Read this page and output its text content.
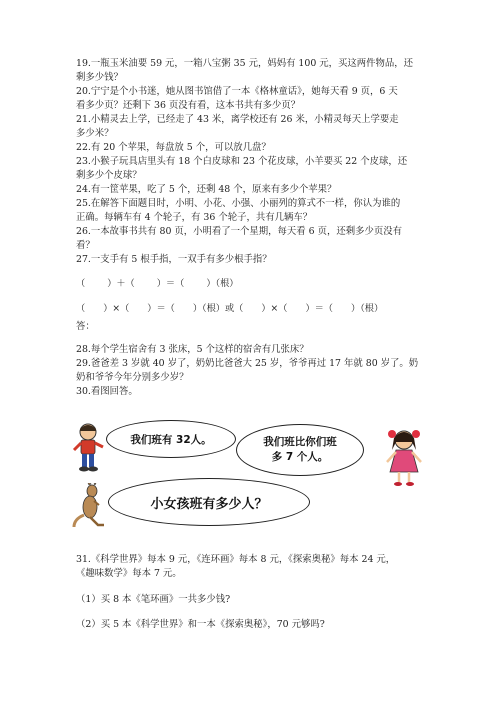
19.一瓶玉米油要 59 元，一箱八宝粥 35 元，妈妈有 100 元，买这两件物品，还
剩多少钱？
20.宁宁是个小书迷，她从图书馆借了一本《格林童话》，她每天看 9 页，6 天
看多少页？还剩下 36 页没有看，这本书共有多少页？
21.小精灵去上学，已经走了 43 米，离学校还有 26 米，小精灵每天上学要走
多少米？
22.有 20 个苹果，每盘放 5 个，可以放几盘？
23.小猴子玩具店里头有 18 个白皮球和 23 个花皮球，小羊要买 22 个皮球，还
剩多少个皮球？
24.有一筐苹果，吃了 5 个，还剩 48 个，原来有多少个苹果？
25.在解答下面题目时，小明、小花、小强、小丽列的算式不一样，你认为谁的
正确。每辆车有 4 个轮子，有 36 个轮子，共有几辆车？
26.一本故事书共有 80 页，小明看了一个星期，每天看 6 页，还剩多少页没有
看？
27.一支手有 5 根手指，一双手有多少根手指？
（ ）＋（ ）＝（ ）（根）
（ ）×（ ）＝（ ）（根）或（ ）×（ ）＝（ ）（根）
答：
28.每个学生宿舍有 3 张床，5 个这样的宿舍有几张床？
29.爸爸差 3 岁就 40 岁了，奶奶比爸爸大 25 岁，爷爷再过 17 年就 80 岁了。奶
奶和爷爷今年分别多少岁？
30.看图回答。
我们班有 32人。	我们班比你们班
多 7 个人。
小女孩班有多少人？
31.《科学世界》每本 9 元，《连环画》每本 8 元，《探索奥秘》每本 24 元，
《趣味数学》每本 7 元。
（1）买 8 本《笔环画》一共多少钱?
（2）买 5 本《科学世界》和一本《探索奥秘》，70 元够吗?
